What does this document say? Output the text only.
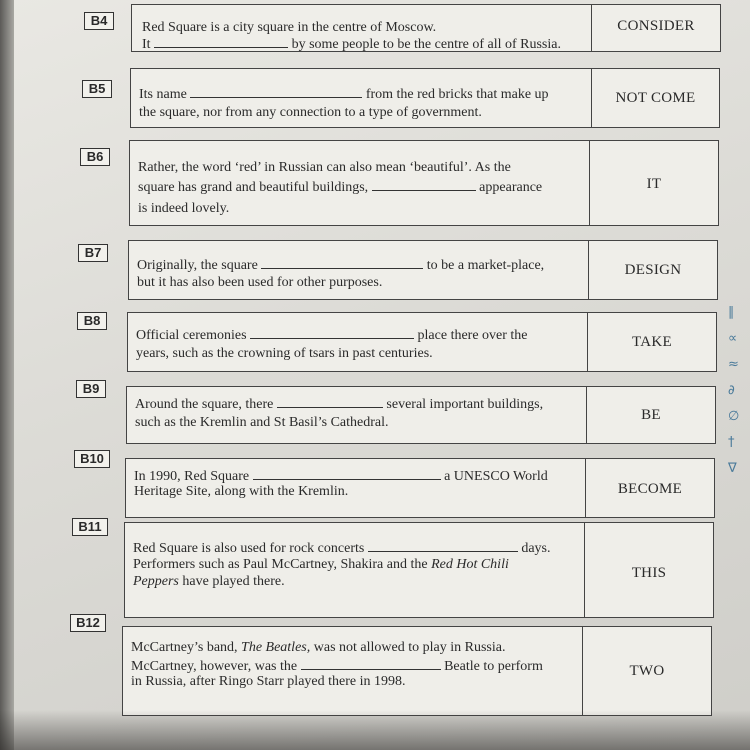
B4	Red Square is a city square in the centre of Moscow.
It	by some people to be the centre of all of Russia.
CONSIDER
B5	Its name	from the red bricks that make up
the square, nor from any connection to a type of government.
NOT COME
B6
Rather, the word ‘red’ in Russian can also mean ‘beautiful’. As the
square has grand and beautiful buildings,	appearance
is indeed lovely.
IT
B7
Originally, the square	to be a market-place,
but it has also been used for other purposes.
DESIGN
B8
Official ceremonies	place there over the
years, such as the crowning of tsars in past centuries.
TAKE
B9
Around the square, there	several important buildings,
such as the Kremlin and St Basil’s Cathedral.	BE
B10
In 1990, Red Square	a UNESCO World
Heritage Site, along with the Kremlin.	BECOME
B11
Red Square is also used for rock concerts	days.
Performers such as Paul McCartney, Shakira and the Red Hot Chili
Peppers have played there.
THIS
B12
McCartney’s band, The Beatles, was not allowed to play in Russia.
McCartney, however, was the	Beatle to perform
in Russia, after Ringo Starr played there in 1998.
TWO
∥
∝
≈
∂
∅
†
∇
